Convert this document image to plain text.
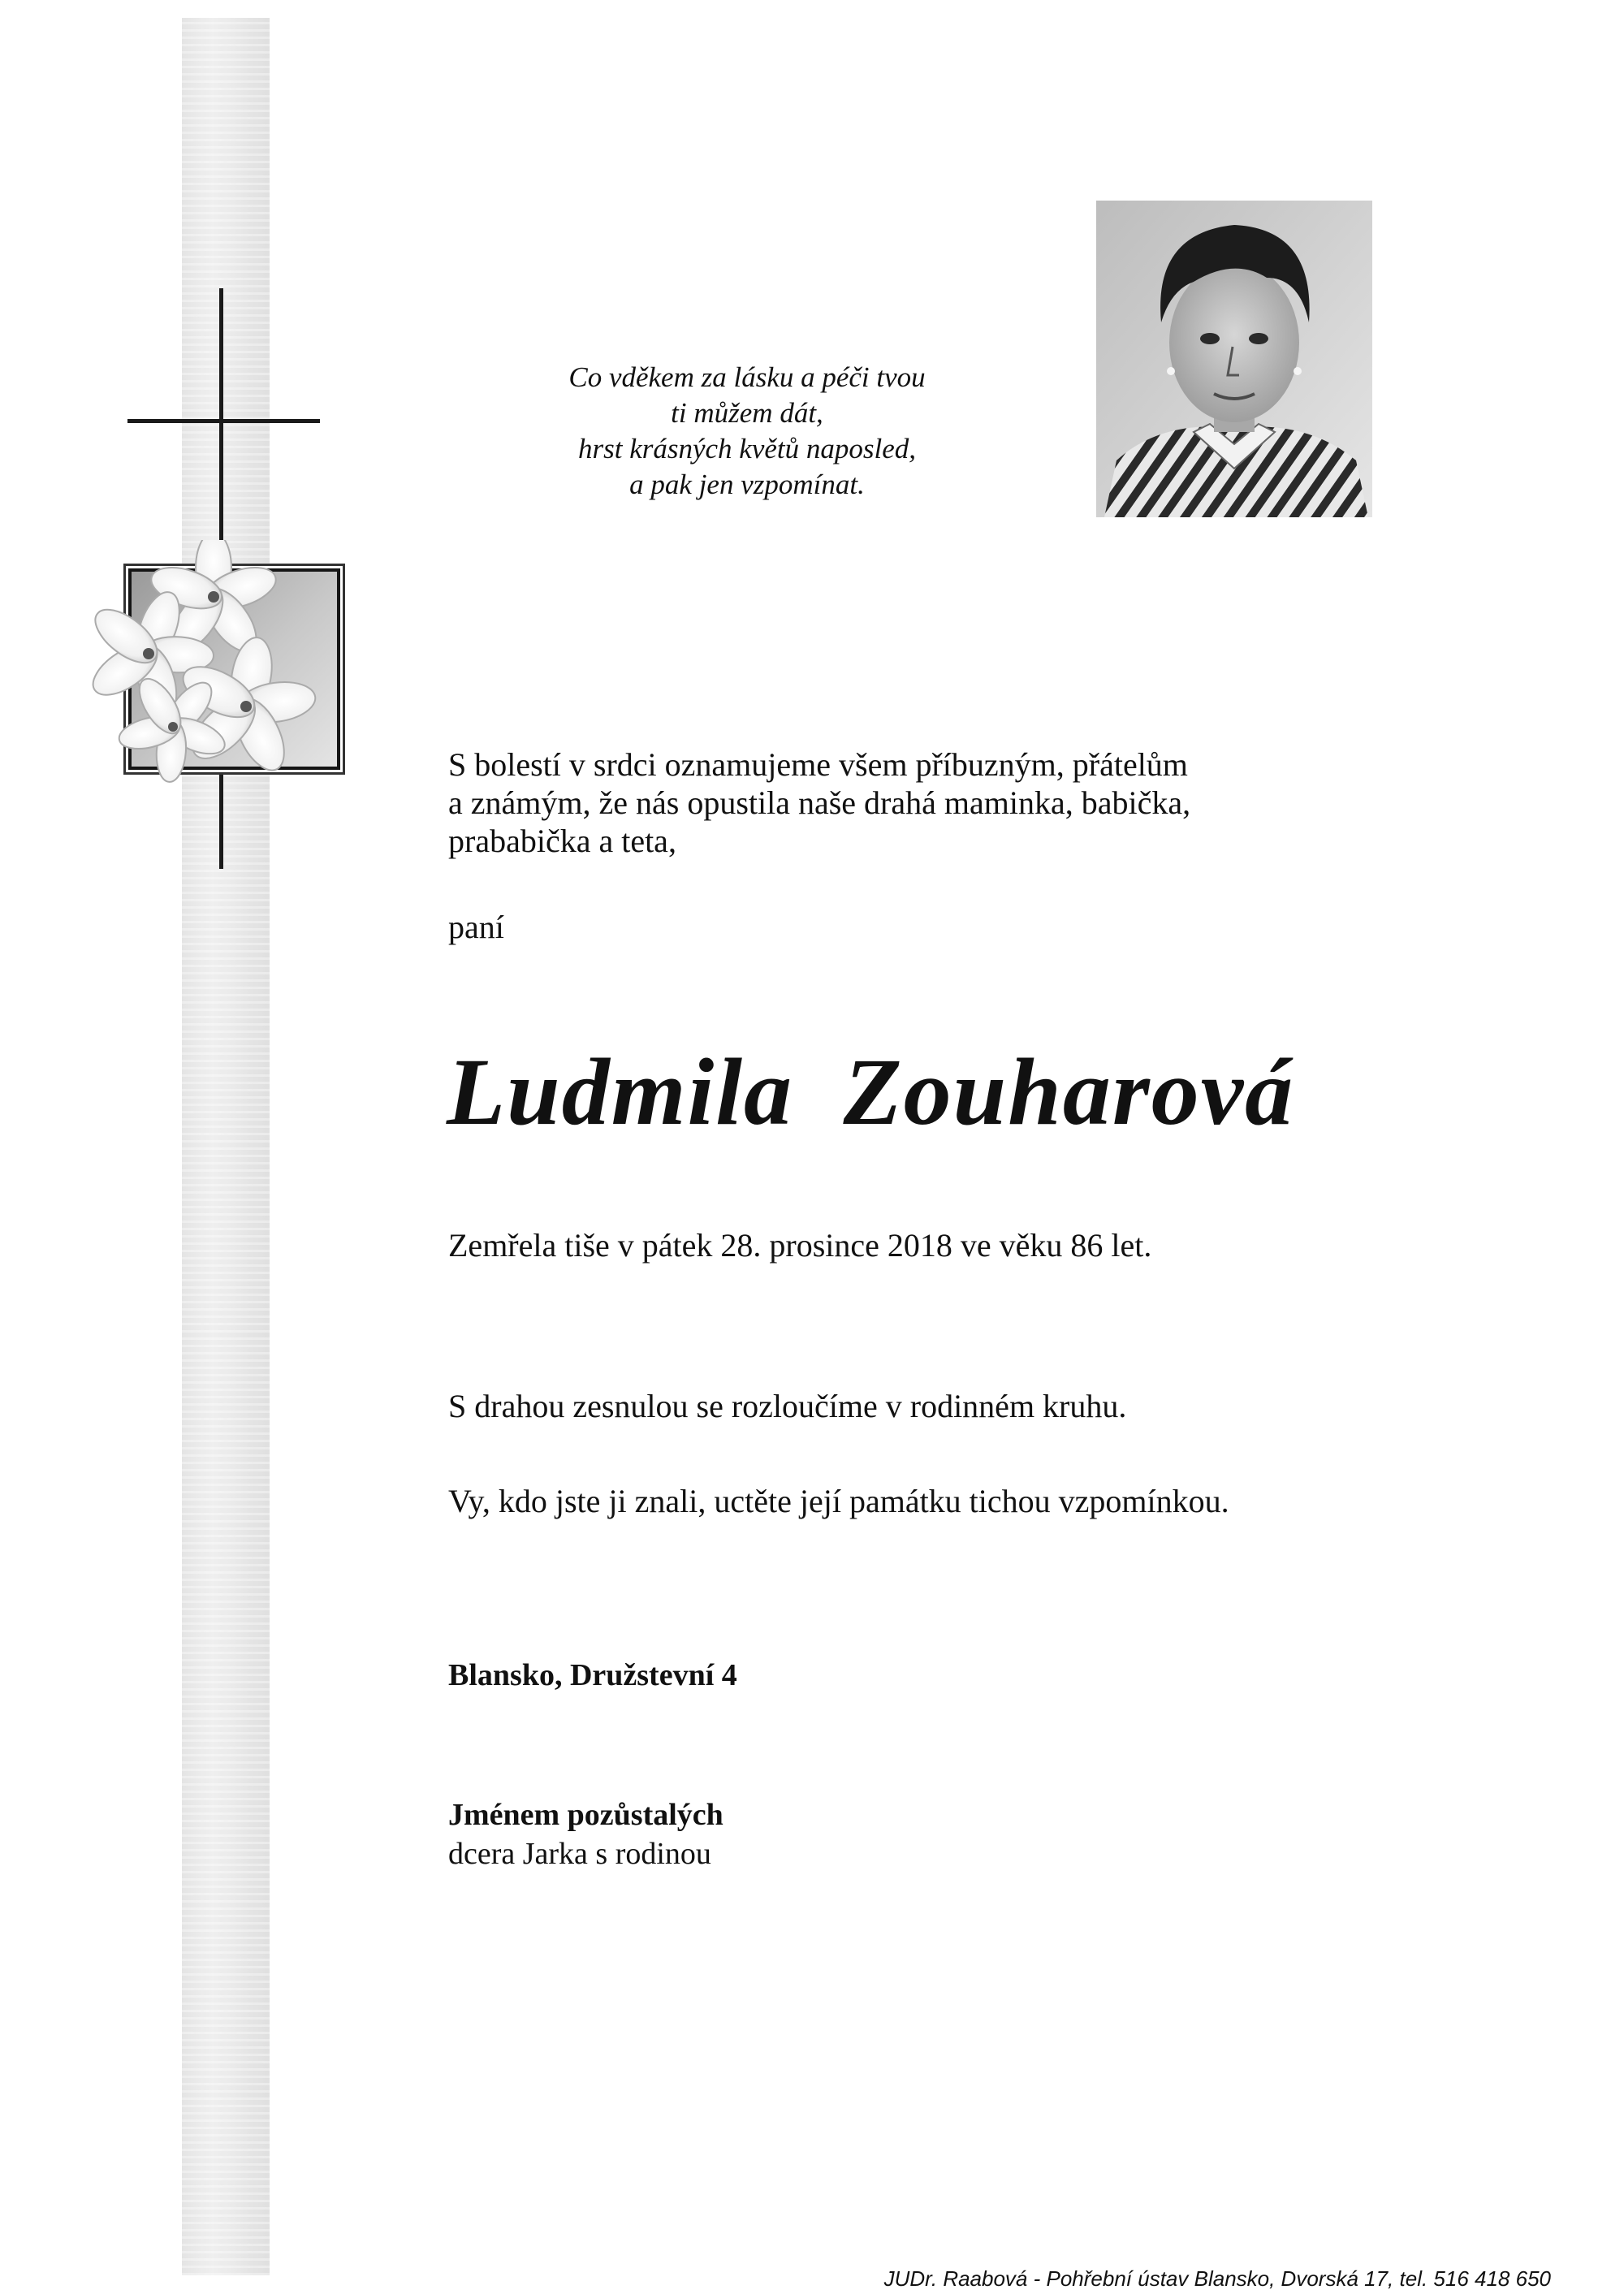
Co vděkem za lásku a péči tvou
ti můžem dát,
hrst krásných květů naposled,
a pak jen vzpomínat.
S bolestí v srdci oznamujeme všem příbuzným, přátelům
a známým, že nás opustila naše drahá maminka, babička,
prababička a teta,
paní
Ludmila Zouharová
Zemřela tiše v pátek 28. prosince 2018 ve věku 86 let.
S drahou zesnulou se rozloučíme v rodinném kruhu.
Vy, kdo jste ji znali, uctěte její památku tichou vzpomínkou.
Blansko, Družstevní 4
Jménem pozůstalých
dcera Jarka s rodinou
JUDr. Raabová - Pohřební ústav Blansko, Dvorská 17, tel. 516 418 650
